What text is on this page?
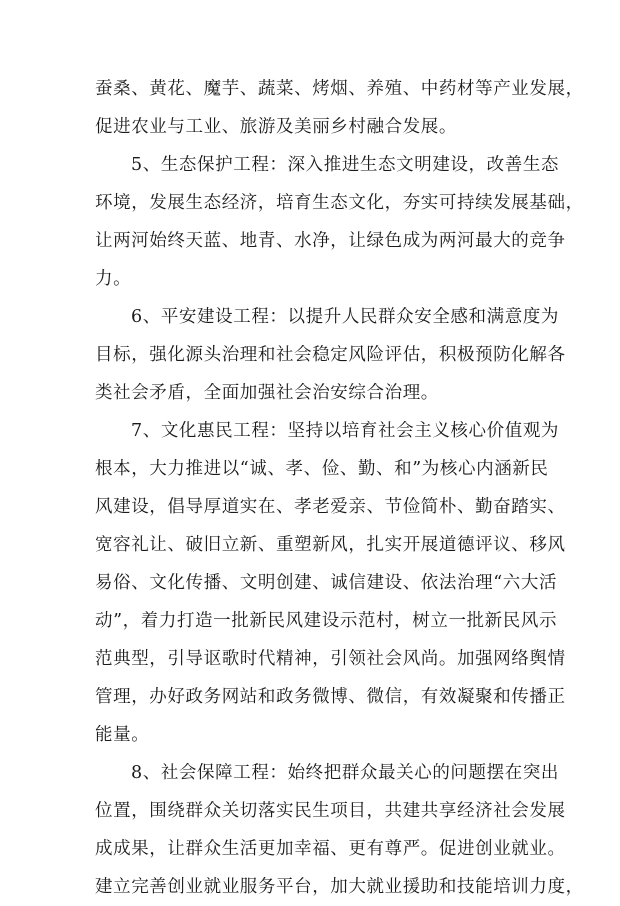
蚕桑、黄花、魔芋、蔬菜、烤烟、养殖、中药材等产业发展，
促进农业与工业、旅游及美丽乡村融合发展。
5、生态保护工程：深入推进生态文明建设，改善生态
环境，发展生态经济，培育生态文化，夯实可持续发展基础，
让两河始终天蓝、地青、水净，让绿色成为两河最大的竞争
力。
6、平安建设工程：以提升人民群众安全感和满意度为
目标，强化源头治理和社会稳定风险评估，积极预防化解各
类社会矛盾，全面加强社会治安综合治理。
7、文化惠民工程：坚持以培育社会主义核心价值观为
根本，大力推进以“诚、孝、俭、勤、和”为核心内涵新民
风建设，倡导厚道实在、孝老爱亲、节俭简朴、勤奋踏实、
宽容礼让、破旧立新、重塑新风，扎实开展道德评议、移风
易俗、文化传播、文明创建、诚信建设、依法治理“六大活
动”，着力打造一批新民风建设示范村，树立一批新民风示
范典型，引导讴歌时代精神，引领社会风尚。加强网络舆情
管理，办好政务网站和政务微博、微信，有效凝聚和传播正
能量。
8、社会保障工程：始终把群众最关心的问题摆在突出
位置，围绕群众关切落实民生项目，共建共享经济社会发展
成成果，让群众生活更加幸福、更有尊严。促进创业就业。
建立完善创业就业服务平台，加大就业援助和技能培训力度，
